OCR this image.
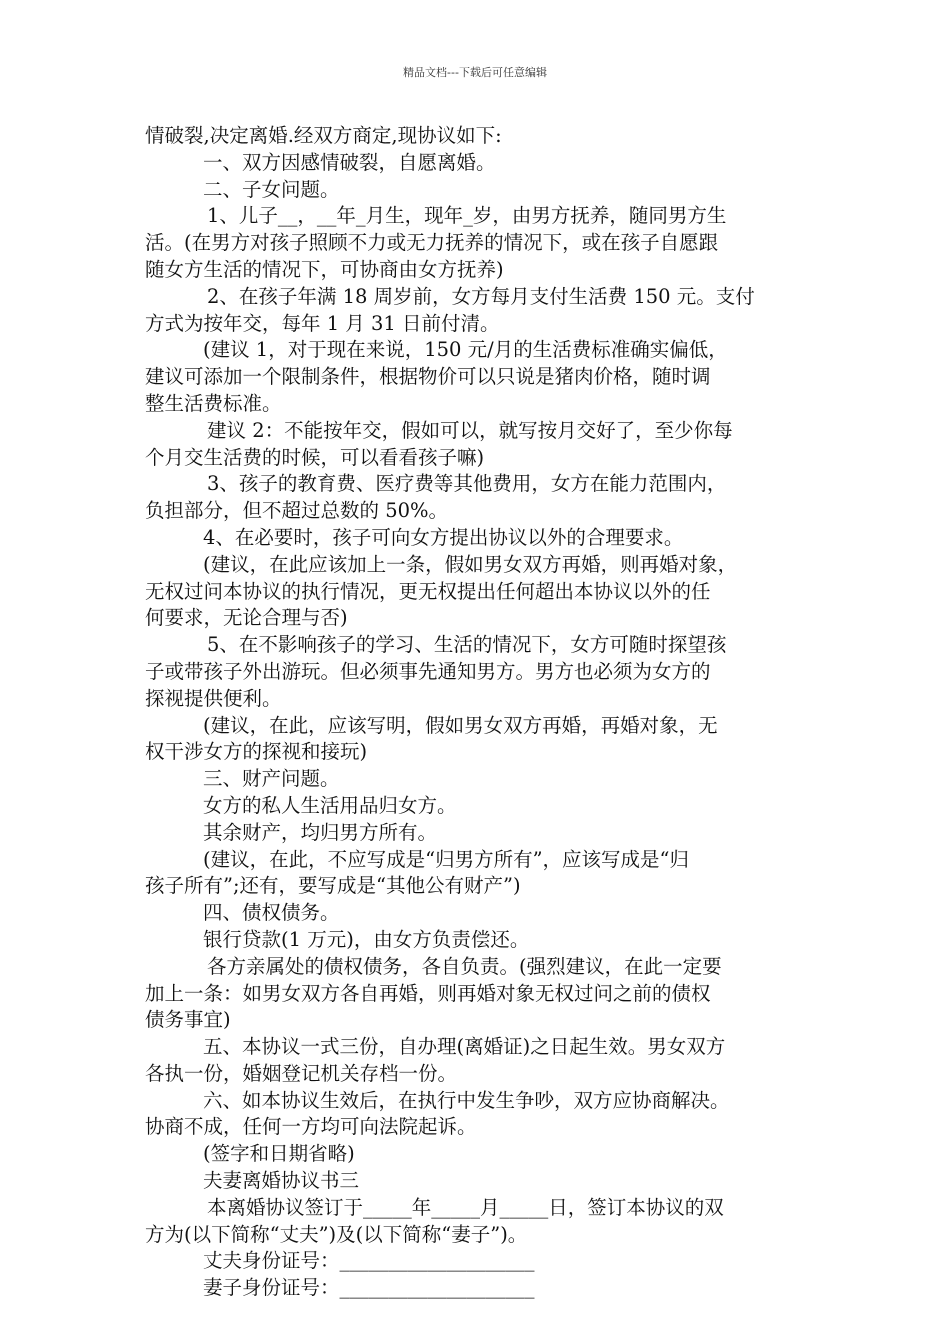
精品文档---下载后可任意编辑
情破裂,决定离婚.经双方商定,现协议如下:
一、双方因感情破裂，自愿离婚。
二、子女问题。
1、儿子__，__年_月生，现年_岁，由男方抚养，随同男方生
活。(在男方对孩子照顾不力或无力抚养的情况下，或在孩子自愿跟
随女方生活的情况下，可协商由女方抚养)
2、在孩子年满 18 周岁前，女方每月支付生活费 150 元。支付
方式为按年交，每年 1 月 31 日前付清。
(建议 1，对于现在来说，150 元/月的生活费标准确实偏低，
建议可添加一个限制条件，根据物价可以只说是猪肉价格，随时调
整生活费标准。
建议 2：不能按年交，假如可以，就写按月交好了，至少你每
个月交生活费的时候，可以看看孩子嘛)
3、孩子的教育费、医疗费等其他费用，女方在能力范围内，
负担部分，但不超过总数的 50%。
4、在必要时，孩子可向女方提出协议以外的合理要求。
(建议，在此应该加上一条，假如男女双方再婚，则再婚对象，
无权过问本协议的执行情况，更无权提出任何超出本协议以外的任
何要求，无论合理与否)
5、在不影响孩子的学习、生活的情况下，女方可随时探望孩
子或带孩子外出游玩。但必须事先通知男方。男方也必须为女方的
探视提供便利。
(建议，在此，应该写明，假如男女双方再婚，再婚对象，无
权干涉女方的探视和接玩)
三、财产问题。
女方的私人生活用品归女方。
其余财产，均归男方所有。
(建议，在此，不应写成是“归男方所有”，应该写成是“归
孩子所有”;还有，要写成是“其他公有财产”)
四、债权债务。
银行贷款(1 万元)，由女方负责偿还。
各方亲属处的债权债务，各自负责。(强烈建议，在此一定要
加上一条：如男女双方各自再婚，则再婚对象无权过问之前的债权
债务事宜)
五、本协议一式三份，自办理(离婚证)之日起生效。男女双方
各执一份，婚姻登记机关存档一份。
六、如本协议生效后，在执行中发生争吵，双方应协商解决。
协商不成，任何一方均可向法院起诉。
(签字和日期省略)
夫妻离婚协议书三
本离婚协议签订于_____年_____月_____日，签订本协议的双
方为(以下简称“丈夫”)及(以下简称“妻子”)。
丈夫身份证号：____________________
妻子身份证号：____________________
